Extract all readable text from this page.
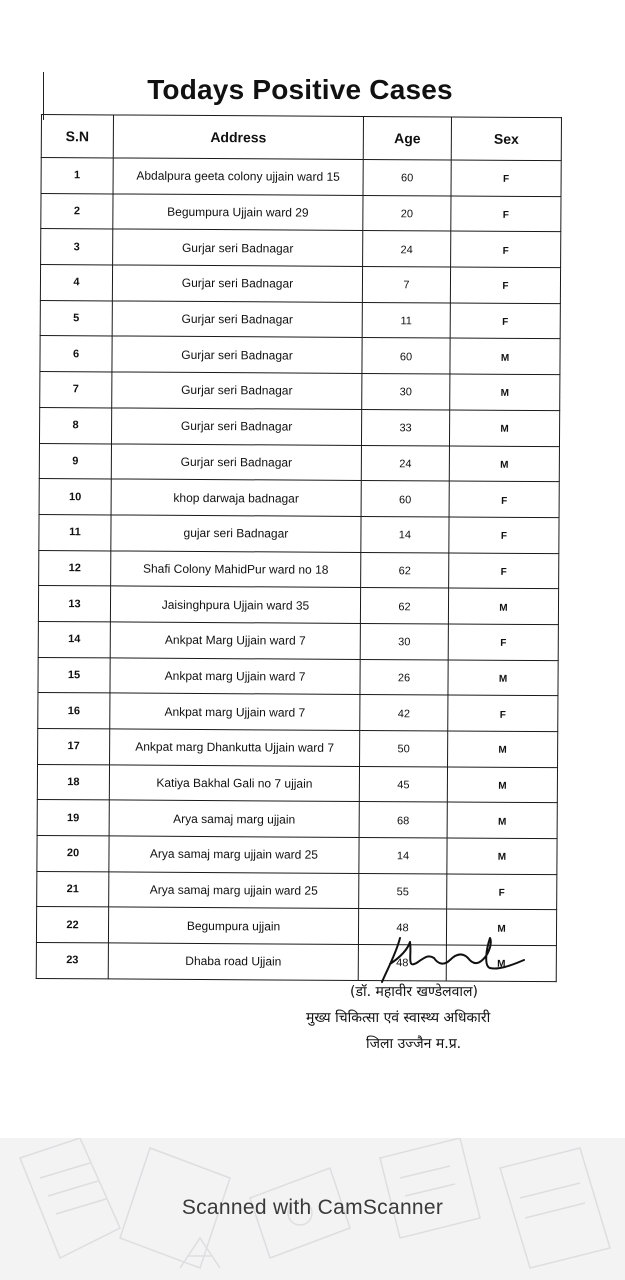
Todays Positive Cases
S.N	Address	Age	Sex
1	Abdalpura geeta colony ujjain ward 15	60	F
2	Begumpura Ujjain ward 29	20	F
3	Gurjar seri Badnagar	24	F
4	Gurjar seri Badnagar	7	F
5	Gurjar seri Badnagar	11	F
6	Gurjar seri Badnagar	60	M
7	Gurjar seri Badnagar	30	M
8	Gurjar seri Badnagar	33	M
9	Gurjar seri Badnagar	24	M
10	khop darwaja badnagar	60	F
11	gujar seri Badnagar	14	F
12	Shafi Colony MahidPur ward no 18	62	F
13	Jaisinghpura Ujjain ward 35	62	M
14	Ankpat Marg Ujjain ward 7	30	F
15	Ankpat marg Ujjain ward 7	26	M
16	Ankpat marg Ujjain ward 7	42	F
17	Ankpat marg Dhankutta Ujjain ward 7	50	M
18	Katiya Bakhal Gali no 7 ujjain	45	M
19	Arya samaj marg ujjain	68	M
20	Arya samaj marg ujjain ward 25	14	M
21	Arya samaj marg ujjain ward 25	55	F
22	Begumpura ujjain	48	M
23	Dhaba road Ujjain	48	M
(डॉ. महावीर खण्डेलवाल)
मुख्य चिकित्सा एवं स्वास्थ्य अधिकारी
जिला उज्जैन म.प्र.
Scanned with CamScanner
